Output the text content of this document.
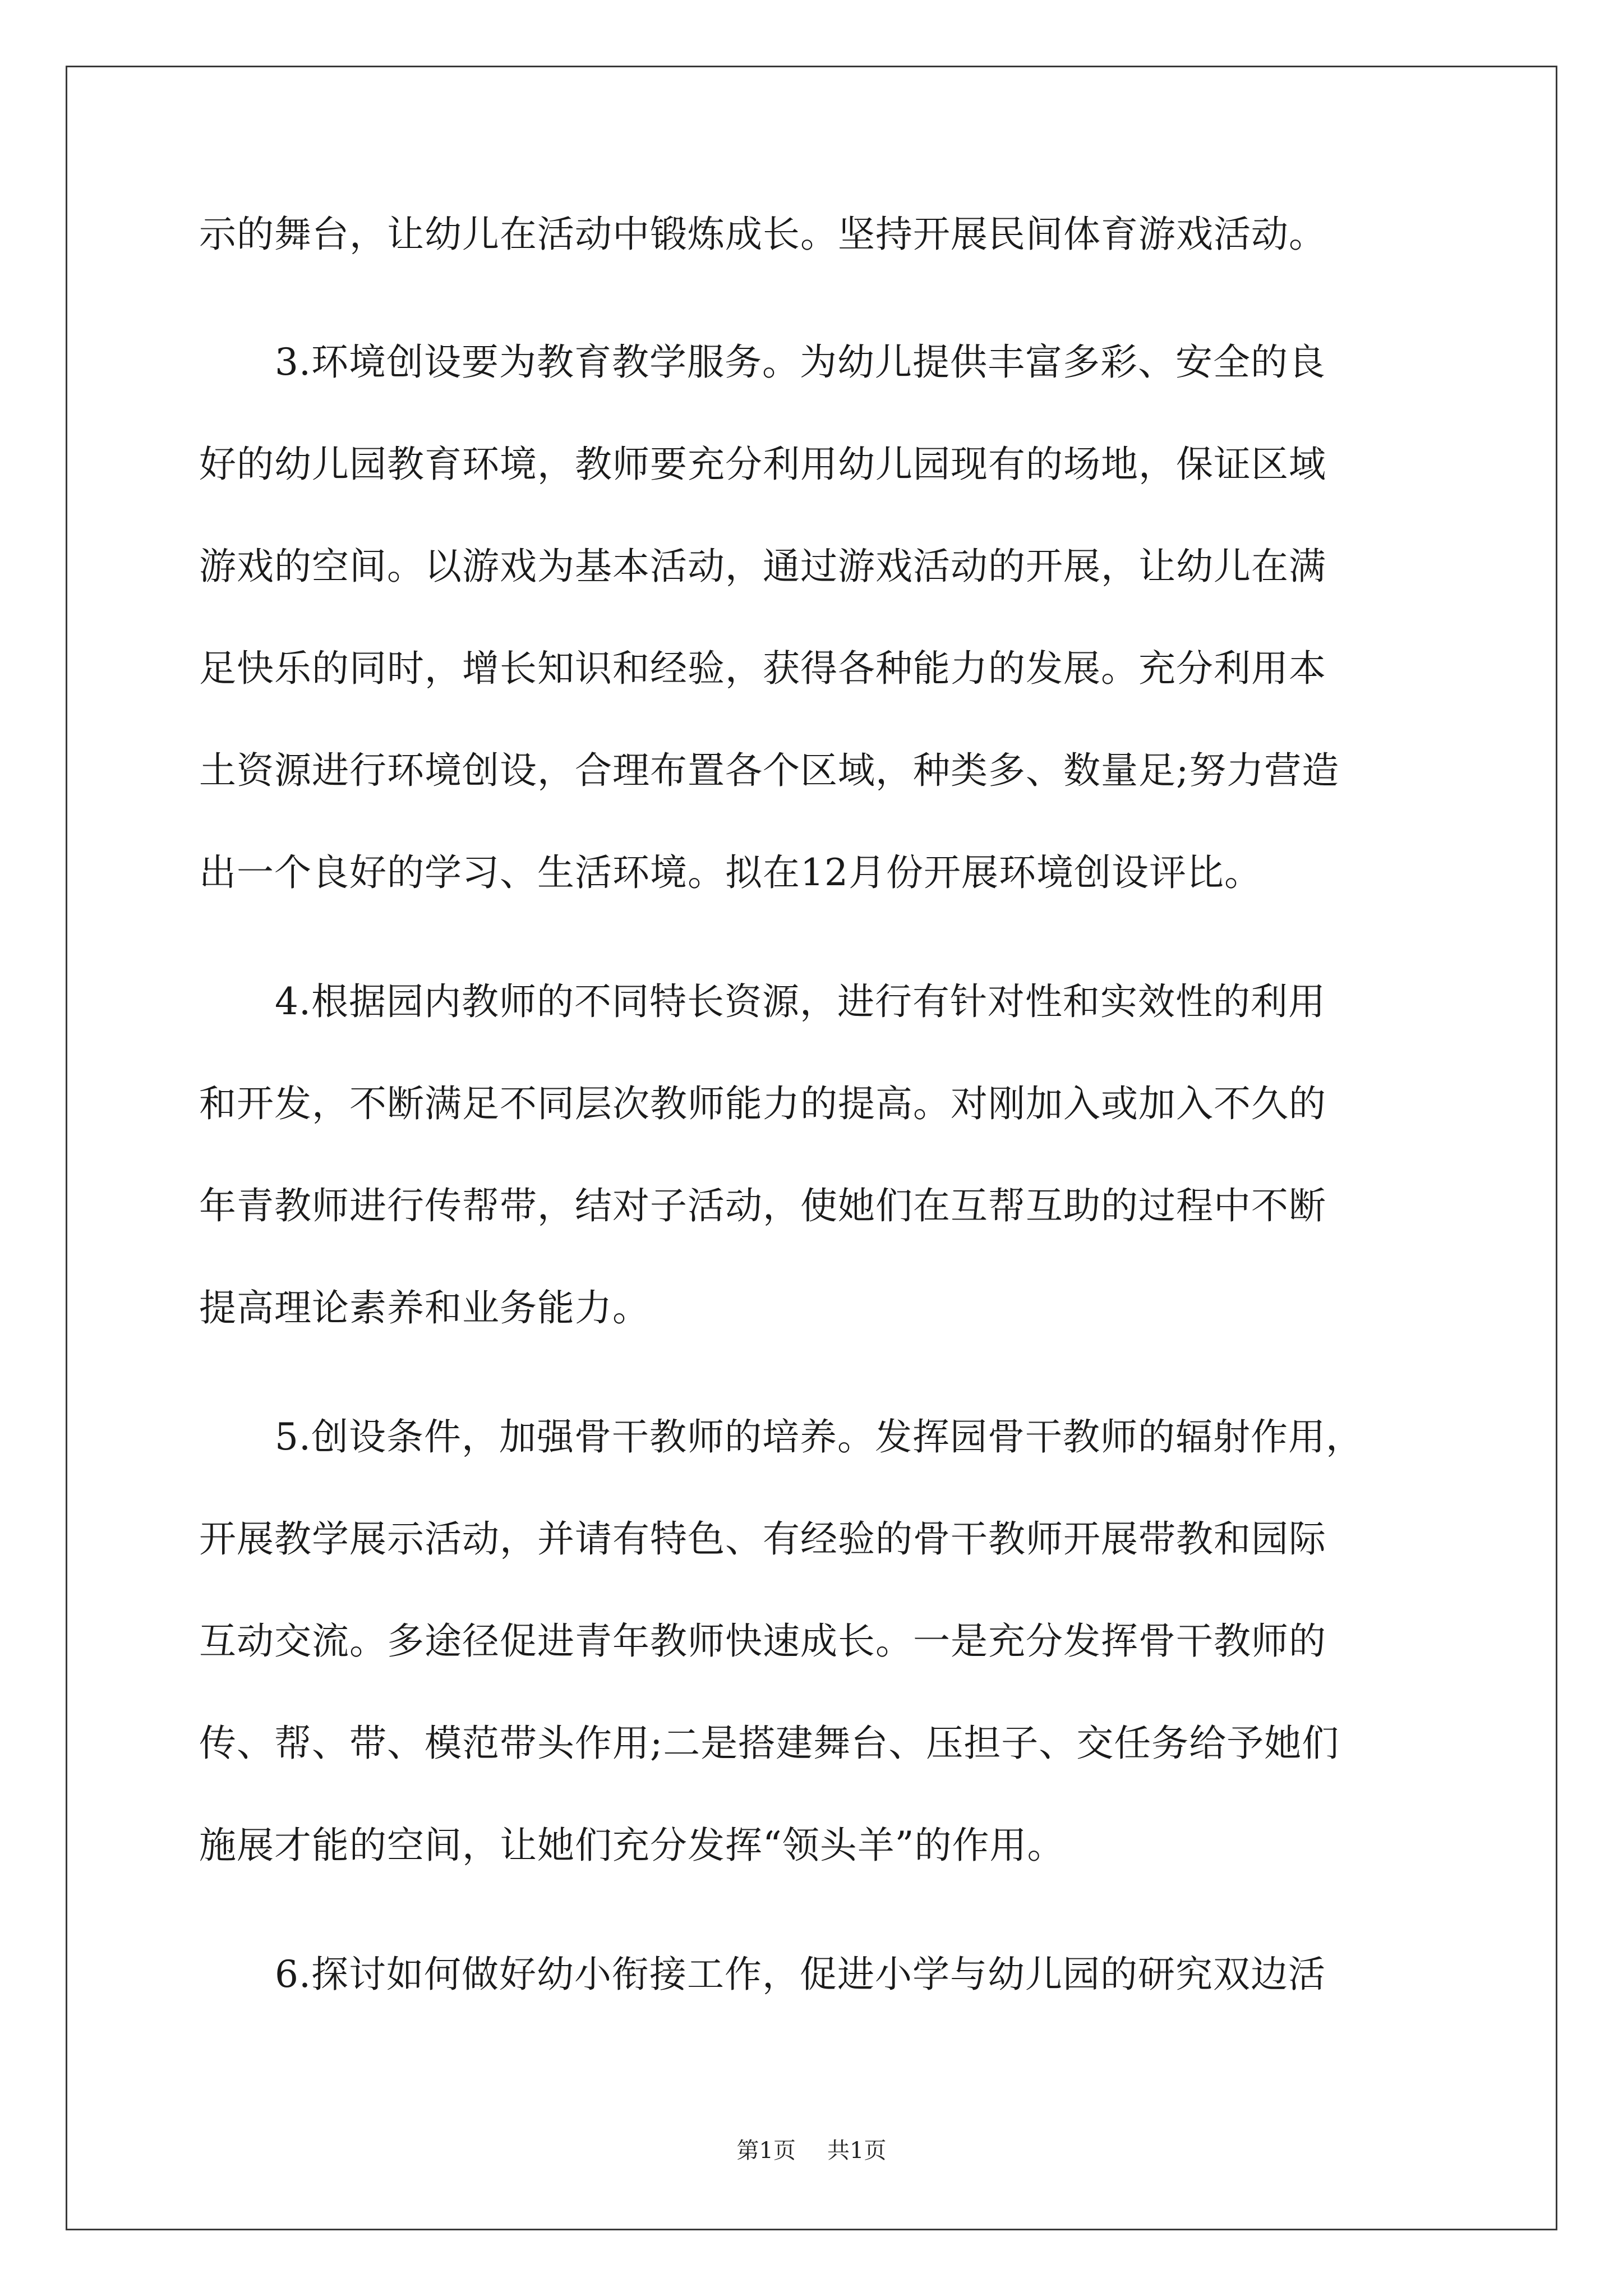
示的舞台，让幼儿在活动中锻炼成长。坚持开展民间体育游戏活动。
3.环境创设要为教育教学服务。为幼儿提供丰富多彩、安全的良
好的幼儿园教育环境，教师要充分利用幼儿园现有的场地，保证区域
游戏的空间。以游戏为基本活动，通过游戏活动的开展，让幼儿在满
足快乐的同时，增长知识和经验，获得各种能力的发展。充分利用本
土资源进行环境创设，合理布置各个区域，种类多、数量足;努力营造
出一个良好的学习、生活环境。拟在12月份开展环境创设评比。
4.根据园内教师的不同特长资源，进行有针对性和实效性的利用
和开发，不断满足不同层次教师能力的提高。对刚加入或加入不久的
年青教师进行传帮带，结对子活动，使她们在互帮互助的过程中不断
提高理论素养和业务能力。
5.创设条件，加强骨干教师的培养。发挥园骨干教师的辐射作用，
开展教学展示活动，并请有特色、有经验的骨干教师开展带教和园际
互动交流。多途径促进青年教师快速成长。一是充分发挥骨干教师的
传、帮、带、模范带头作用;二是搭建舞台、压担子、交任务给予她们
施展才能的空间，让她们充分发挥“领头羊”的作用。
6.探讨如何做好幼小衔接工作，促进小学与幼儿园的研究双边活
第1页 共1页
